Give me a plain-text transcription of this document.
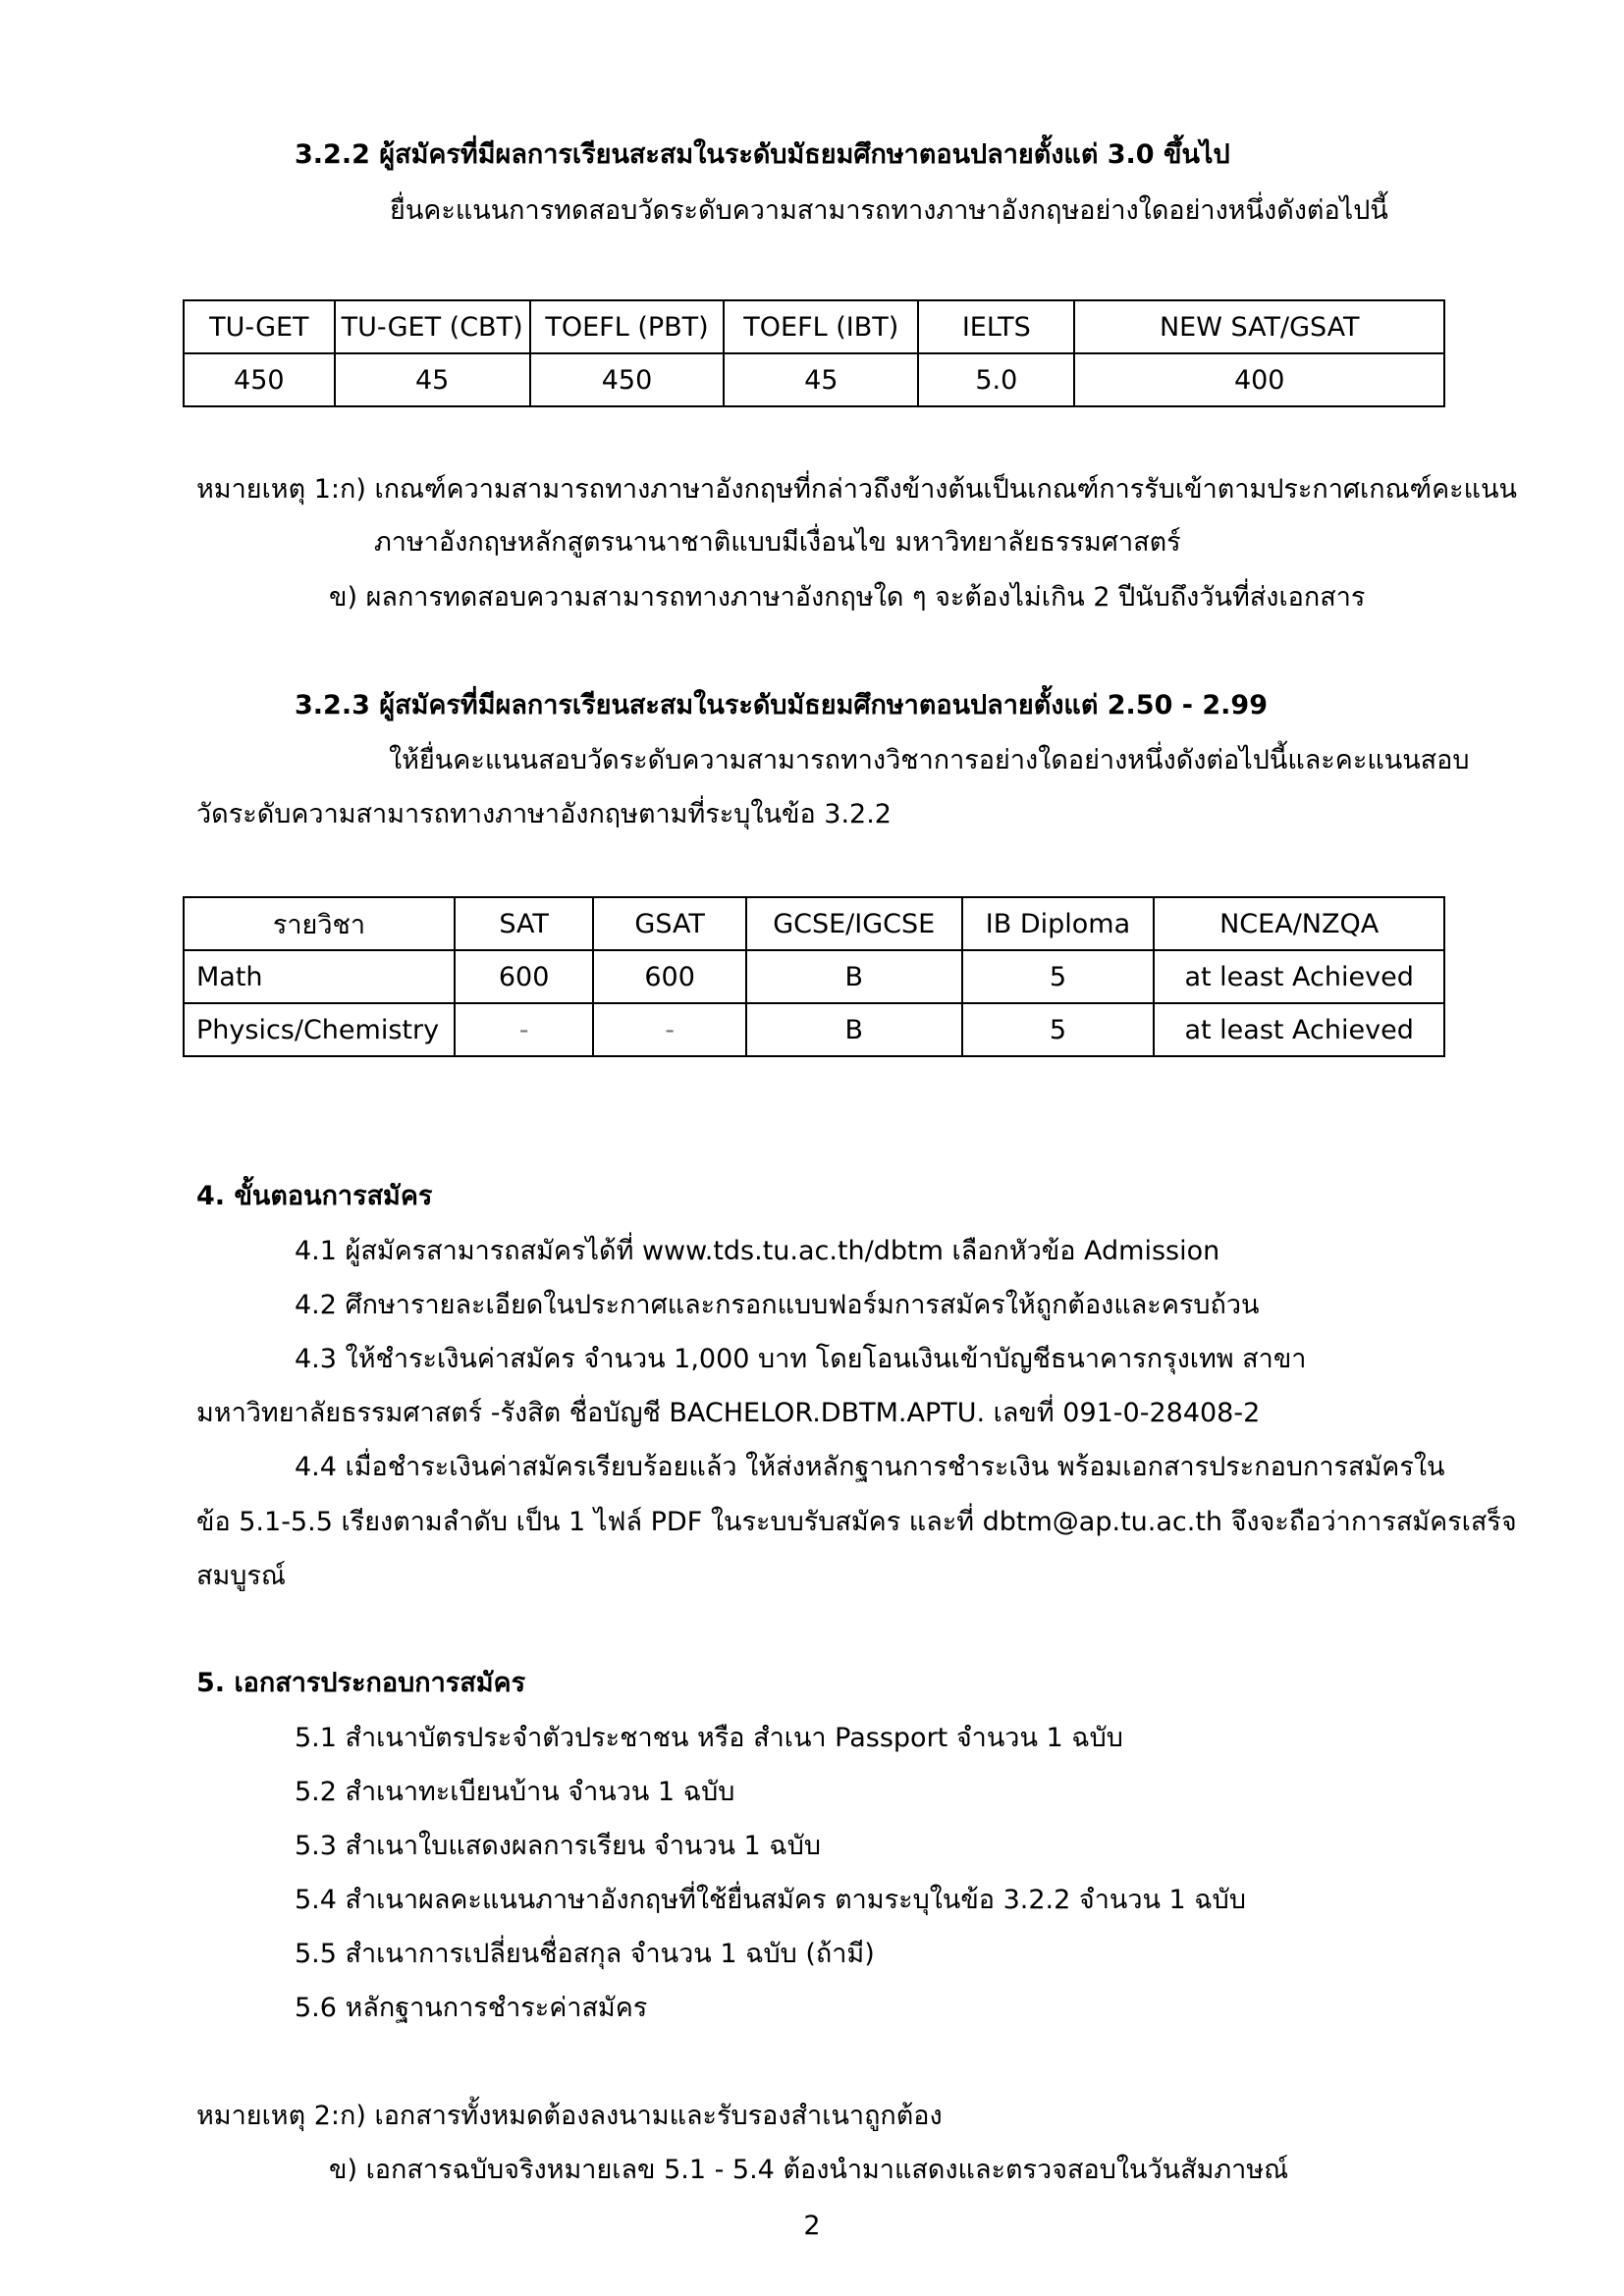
3.2.2 ผู้สมัครที่มีผลการเรียนสะสมในระดับมัธยมศึกษาตอนปลายตั้งแต่ 3.0 ขึ้นไป
ยื่นคะแนนการทดสอบวัดระดับความสามารถทางภาษาอังกฤษอย่างใดอย่างหนึ่งดังต่อไปนี้
TU-GET	TU-GET (CBT)	TOEFL (PBT)	TOEFL (IBT)	IELTS	NEW SAT/GSAT
450	45	450	45	5.0	400
หมายเหตุ 1:ก) เกณฑ์ความสามารถทางภาษาอังกฤษที่กล่าวถึงข้างต้นเป็นเกณฑ์การรับเข้าตามประกาศเกณฑ์คะแนน
ภาษาอังกฤษหลักสูตรนานาชาติแบบมีเงื่อนไข มหาวิทยาลัยธรรมศาสตร์
ข) ผลการทดสอบความสามารถทางภาษาอังกฤษใด ๆ จะต้องไม่เกิน 2 ปีนับถึงวันที่ส่งเอกสาร
3.2.3 ผู้สมัครที่มีผลการเรียนสะสมในระดับมัธยมศึกษาตอนปลายตั้งแต่ 2.50 - 2.99
ให้ยื่นคะแนนสอบวัดระดับความสามารถทางวิชาการอย่างใดอย่างหนึ่งดังต่อไปนี้และคะแนนสอบ
วัดระดับความสามารถทางภาษาอังกฤษตามที่ระบุในข้อ 3.2.2
รายวิชา	SAT	GSAT	GCSE/IGCSE	IB Diploma	NCEA/NZQA
Math	600	600	B	5	at least Achieved
Physics/Chemistry	-	-	B	5	at least Achieved
4. ขั้นตอนการสมัคร
4.1 ผู้สมัครสามารถสมัครได้ที่ www.tds.tu.ac.th/dbtm เลือกหัวข้อ Admission
4.2 ศึกษารายละเอียดในประกาศและกรอกแบบฟอร์มการสมัครให้ถูกต้องและครบถ้วน
4.3 ให้ชำระเงินค่าสมัคร จำนวน 1,000 บาท โดยโอนเงินเข้าบัญชีธนาคารกรุงเทพ สาขา
มหาวิทยาลัยธรรมศาสตร์ -รังสิต ชื่อบัญชี BACHELOR.DBTM.APTU. เลขที่ 091-0-28408-2
4.4 เมื่อชำระเงินค่าสมัครเรียบร้อยแล้ว ให้ส่งหลักฐานการชำระเงิน พร้อมเอกสารประกอบการสมัครใน
ข้อ 5.1-5.5 เรียงตามลำดับ เป็น 1 ไฟล์ PDF ในระบบรับสมัคร และที่ dbtm@ap.tu.ac.th จึงจะถือว่าการสมัครเสร็จ
สมบูรณ์
5. เอกสารประกอบการสมัคร
5.1 สำเนาบัตรประจำตัวประชาชน หรือ สำเนา Passport จำนวน 1 ฉบับ
5.2 สำเนาทะเบียนบ้าน จำนวน 1 ฉบับ
5.3 สำเนาใบแสดงผลการเรียน จำนวน 1 ฉบับ
5.4 สำเนาผลคะแนนภาษาอังกฤษที่ใช้ยื่นสมัคร ตามระบุในข้อ 3.2.2 จำนวน 1 ฉบับ
5.5 สำเนาการเปลี่ยนชื่อสกุล จำนวน 1 ฉบับ (ถ้ามี)
5.6 หลักฐานการชำระค่าสมัคร
หมายเหตุ 2:ก) เอกสารทั้งหมดต้องลงนามและรับรองสำเนาถูกต้อง
ข) เอกสารฉบับจริงหมายเลข 5.1 - 5.4 ต้องนำมาแสดงและตรวจสอบในวันสัมภาษณ์
2
